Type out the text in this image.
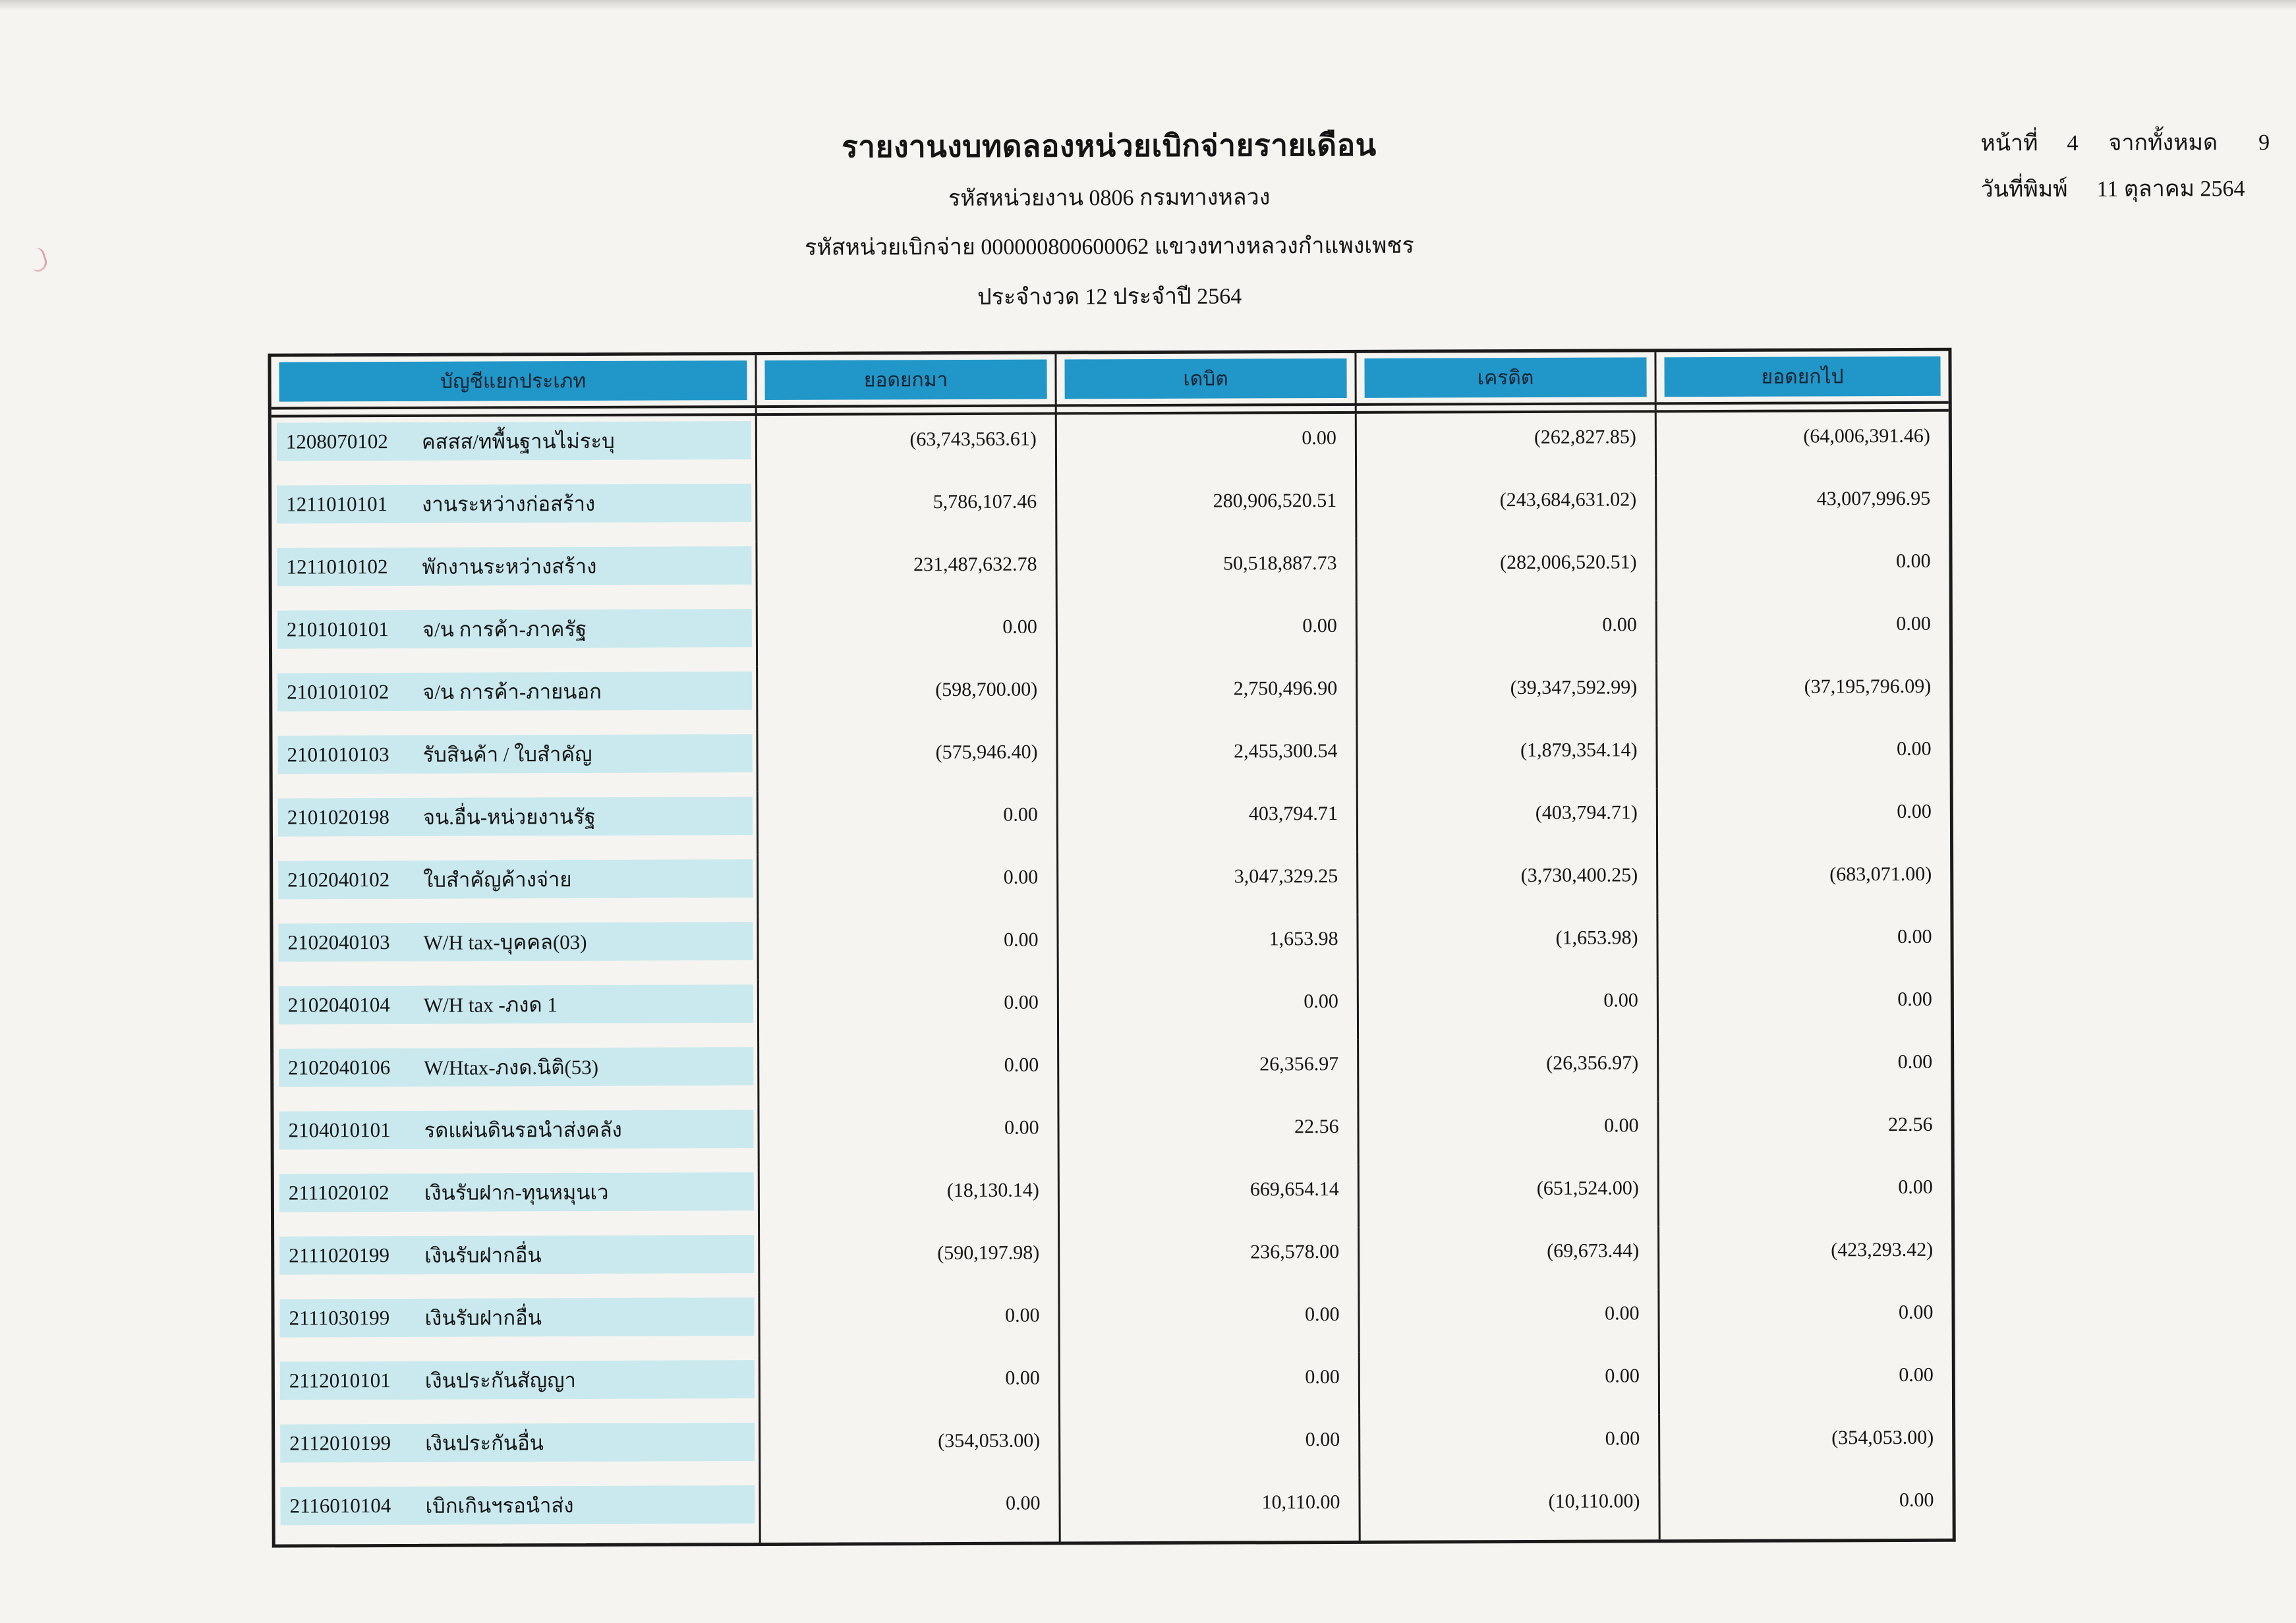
รายงานงบทดลองหน่วยเบิกจ่ายรายเดือน
รหัสหน่วยงาน 0806 กรมทางหลวง
รหัสหน่วยเบิกจ่าย 000000800600062 แขวงทางหลวงกำแพงเพชร
ประจำงวด 12 ประจำปี 2564
หน้าที่ 4 จากทั้งหมด 9
วันที่พิมพ์ 11 ตุลาคม 2564
บัญชีแยกประเภท	ยอดยกมา	เดบิต	เครดิต	ยอดยกไป
1208070102	คสสส/ทพื้นฐานไม่ระบุ	(63,743,563.61)	0.00	(262,827.85)	(64,006,391.46)
1211010101	งานระหว่างก่อสร้าง	5,786,107.46	280,906,520.51	(243,684,631.02)	43,007,996.95
1211010102	พักงานระหว่างสร้าง	231,487,632.78	50,518,887.73	(282,006,520.51)	0.00
2101010101	จ/น การค้า-ภาครัฐ	0.00	0.00	0.00	0.00
2101010102	จ/น การค้า-ภายนอก	(598,700.00)	2,750,496.90	(39,347,592.99)	(37,195,796.09)
2101010103	รับสินค้า / ใบสำคัญ	(575,946.40)	2,455,300.54	(1,879,354.14)	0.00
2101020198	จน.อื่น-หน่วยงานรัฐ	0.00	403,794.71	(403,794.71)	0.00
2102040102	ใบสำคัญค้างจ่าย	0.00	3,047,329.25	(3,730,400.25)	(683,071.00)
2102040103	W/H tax-บุคคล(03)	0.00	1,653.98	(1,653.98)	0.00
2102040104	W/H tax -ภงด 1	0.00	0.00	0.00	0.00
2102040106	W/Htax-ภงด.นิติ(53)	0.00	26,356.97	(26,356.97)	0.00
2104010101	รดแผ่นดินรอนำส่งคลัง	0.00	22.56	0.00	22.56
2111020102	เงินรับฝาก-ทุนหมุนเว	(18,130.14)	669,654.14	(651,524.00)	0.00
2111020199	เงินรับฝากอื่น	(590,197.98)	236,578.00	(69,673.44)	(423,293.42)
2111030199	เงินรับฝากอื่น	0.00	0.00	0.00	0.00
2112010101	เงินประกันสัญญา	0.00	0.00	0.00	0.00
2112010199	เงินประกันอื่น	(354,053.00)	0.00	0.00	(354,053.00)
2116010104	เบิกเกินฯรอนำส่ง	0.00	10,110.00	(10,110.00)	0.00
